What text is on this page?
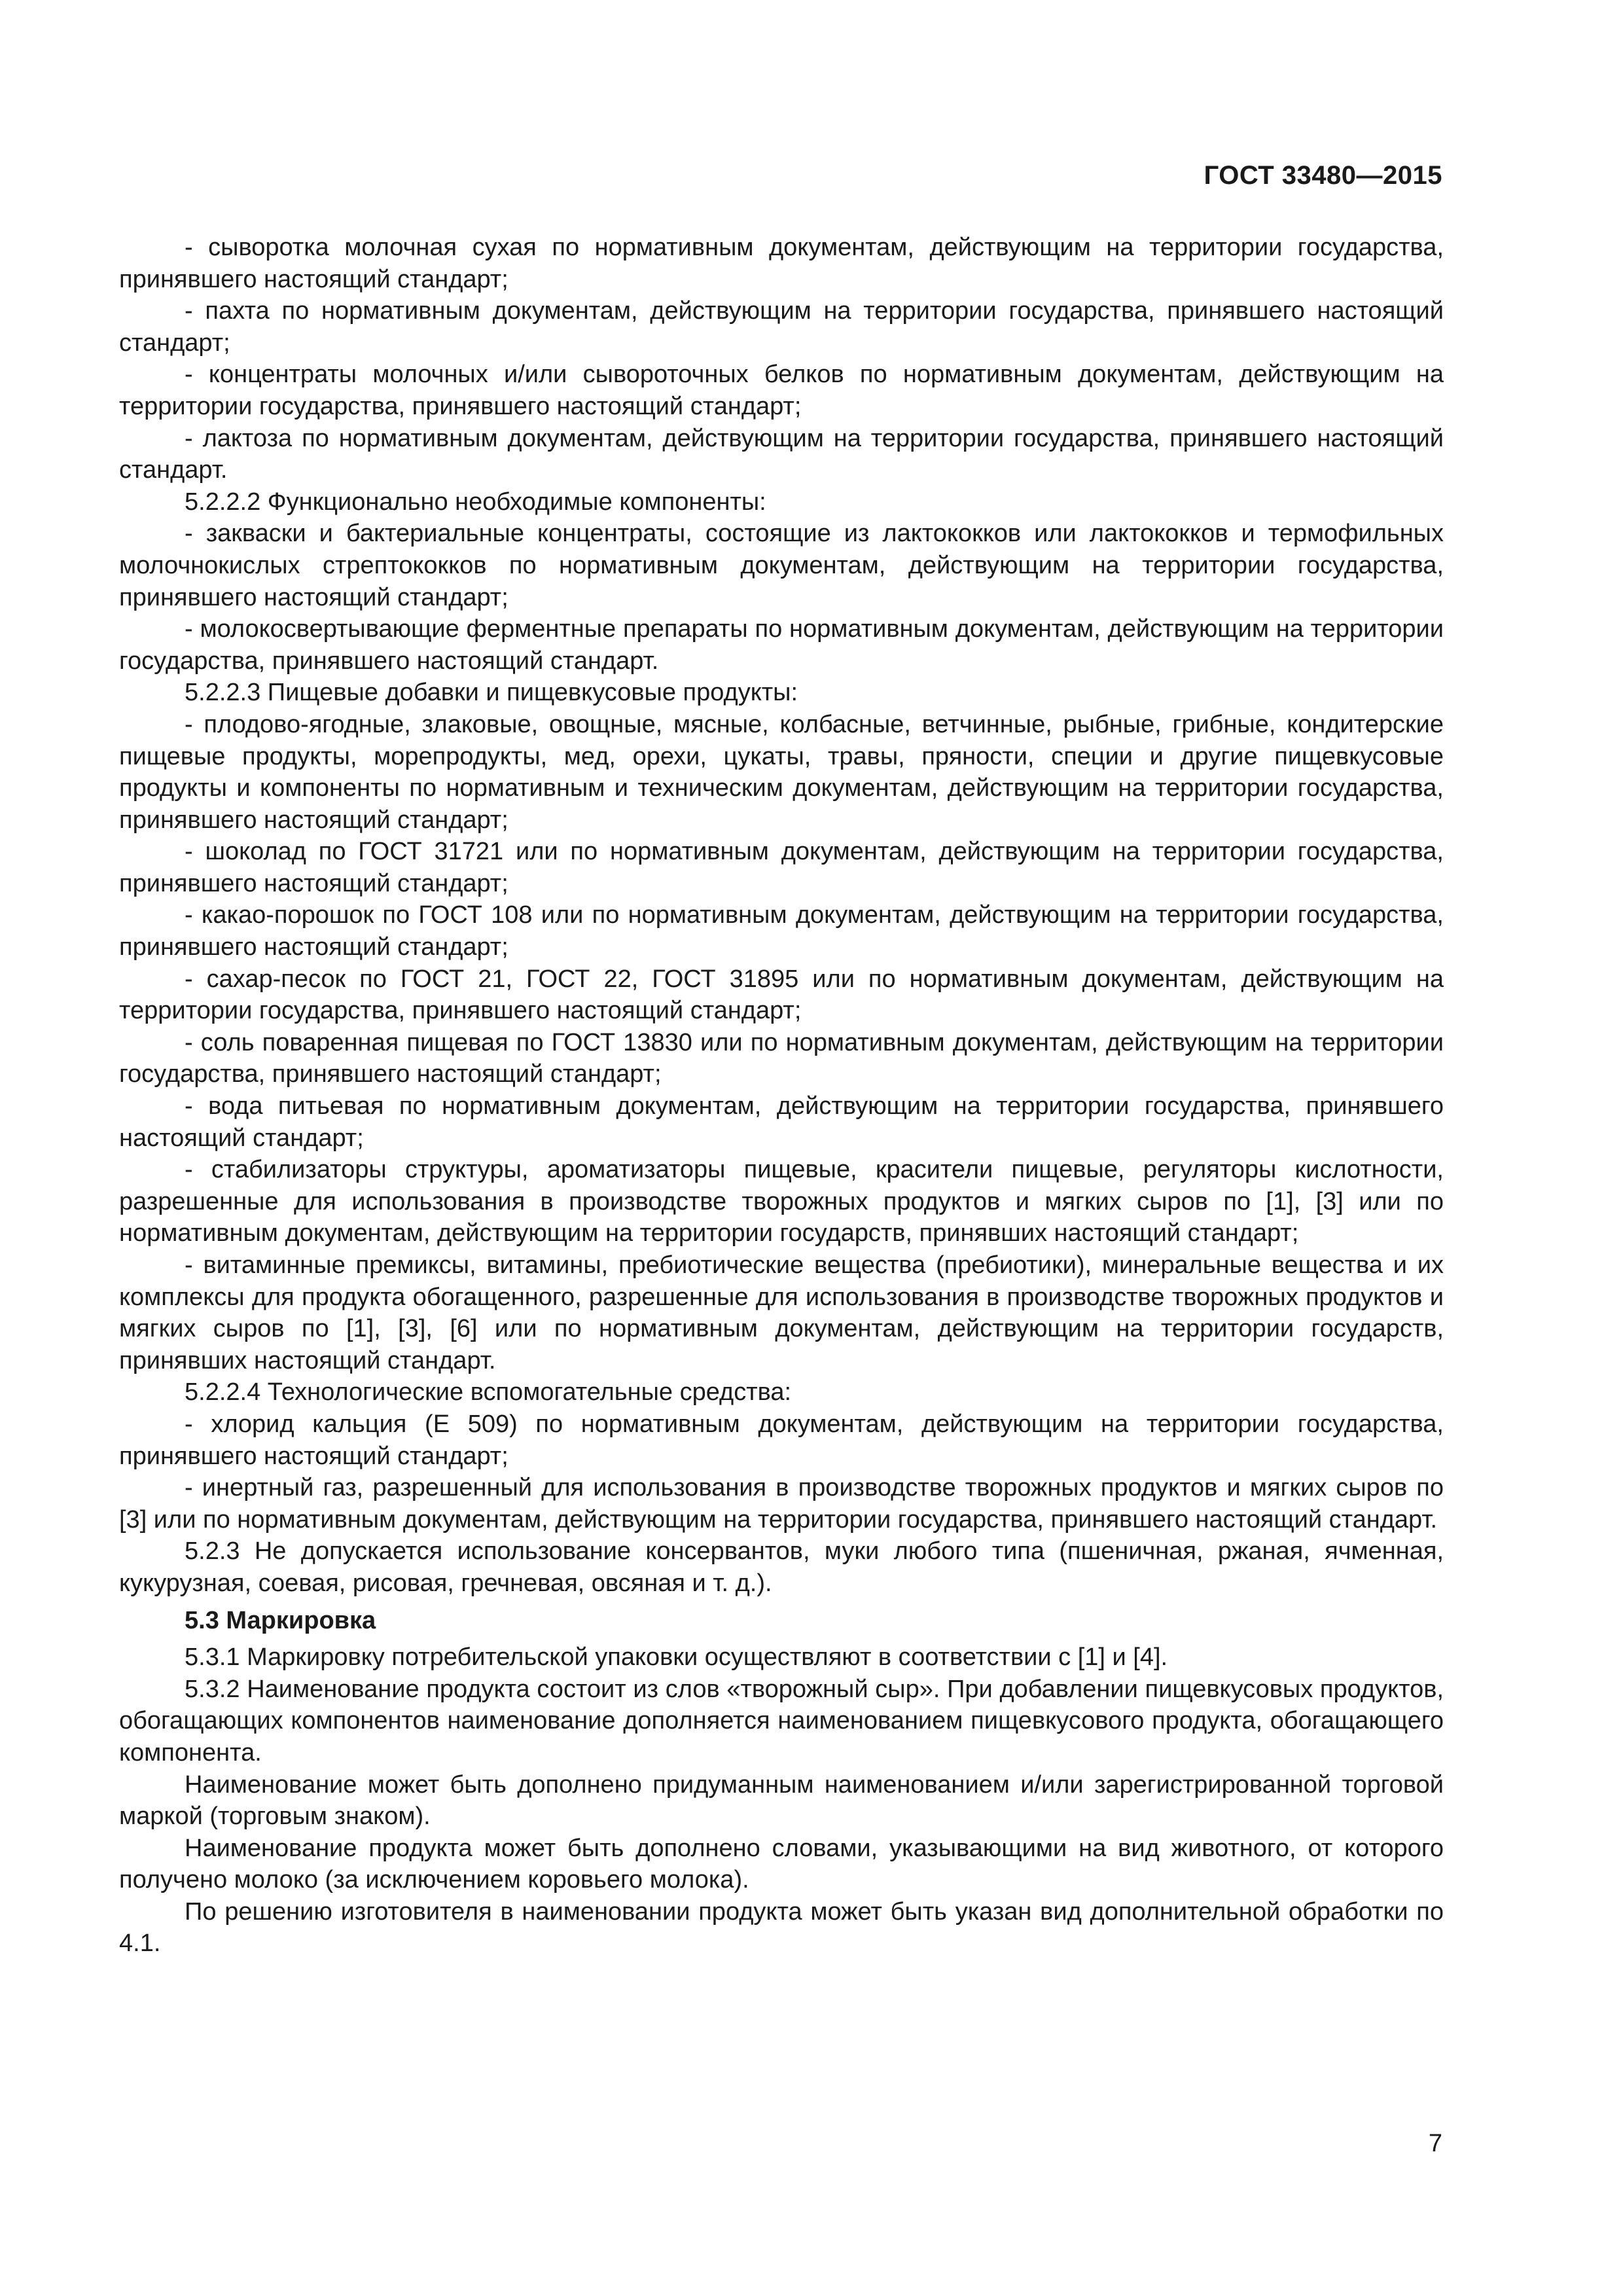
ГОСТ 33480—2015

- сыворотка молочная сухая по нормативным документам, действующим на территории государства, принявшего настоящий стандарт;

- пахта по нормативным документам, действующим на территории государства, принявшего настоящий стандарт;

- концентраты молочных и/или сывороточных белков по нормативным документам, действующим на территории государства, принявшего настоящий стандарт;

- лактоза по нормативным документам, действующим на территории государства, принявшего настоящий стандарт.

5.2.2.2 Функционально необходимые компоненты:

- закваски и бактериальные концентраты, состоящие из лактококков или лактококков и термофильных молочнокислых стрептококков по нормативным документам, действующим на территории государства, принявшего настоящий стандарт;

- молокосвертывающие ферментные препараты по нормативным документам, действующим на территории государства, принявшего настоящий стандарт.

5.2.2.3 Пищевые добавки и пищевкусовые продукты:

- плодово-ягодные, злаковые, овощные, мясные, колбасные, ветчинные, рыбные, грибные, кондитерские пищевые продукты, морепродукты, мед, орехи, цукаты, травы, пряности, специи и другие пищевкусовые продукты и компоненты по нормативным и техническим документам, действующим на территории государства, принявшего настоящий стандарт;

- шоколад по ГОСТ 31721 или по нормативным документам, действующим на территории государства, принявшего настоящий стандарт;

- какао-порошок по ГОСТ 108 или по нормативным документам, действующим на территории государства, принявшего настоящий стандарт;

- сахар-песок по ГОСТ 21, ГОСТ 22, ГОСТ 31895 или по нормативным документам, действующим на территории государства, принявшего настоящий стандарт;

- соль поваренная пищевая по ГОСТ 13830 или по нормативным документам, действующим на территории государства, принявшего настоящий стандарт;

- вода питьевая по нормативным документам, действующим на территории государства, принявшего настоящий стандарт;

- стабилизаторы структуры, ароматизаторы пищевые, красители пищевые, регуляторы кислотности, разрешенные для использования в производстве творожных продуктов и мягких сыров по [1], [3] или по нормативным документам, действующим на территории государств, принявших настоящий стандарт;

- витаминные премиксы, витамины, пребиотические вещества (пребиотики), минеральные вещества и их комплексы для продукта обогащенного, разрешенные для использования в производстве творожных продуктов и мягких сыров по [1], [3], [6] или по нормативным документам, действующим на территории государств, принявших настоящий стандарт.

5.2.2.4 Технологические вспомогательные средства:

- хлорид кальция (Е 509) по нормативным документам, действующим на территории государства, принявшего настоящий стандарт;

- инертный газ, разрешенный для использования в производстве творожных продуктов и мягких сыров по [3] или по нормативным документам, действующим на территории государства, принявшего настоящий стандарт.

5.2.3 Не допускается использование консервантов, муки любого типа (пшеничная, ржаная, ячменная, кукурузная, соевая, рисовая, гречневая, овсяная и т. д.).

5.3 Маркировка

5.3.1 Маркировку потребительской упаковки осуществляют в соответствии с [1] и [4].

5.3.2 Наименование продукта состоит из слов «творожный сыр». При добавлении пищевкусовых продуктов, обогащающих компонентов наименование дополняется наименованием пищевкусового продукта, обогащающего компонента.

Наименование может быть дополнено придуманным наименованием и/или зарегистрированной торговой маркой (торговым знаком).

Наименование продукта может быть дополнено словами, указывающими на вид животного, от которого получено молоко (за исключением коровьего молока).

По решению изготовителя в наименовании продукта может быть указан вид дополнительной обработки по 4.1.

7
